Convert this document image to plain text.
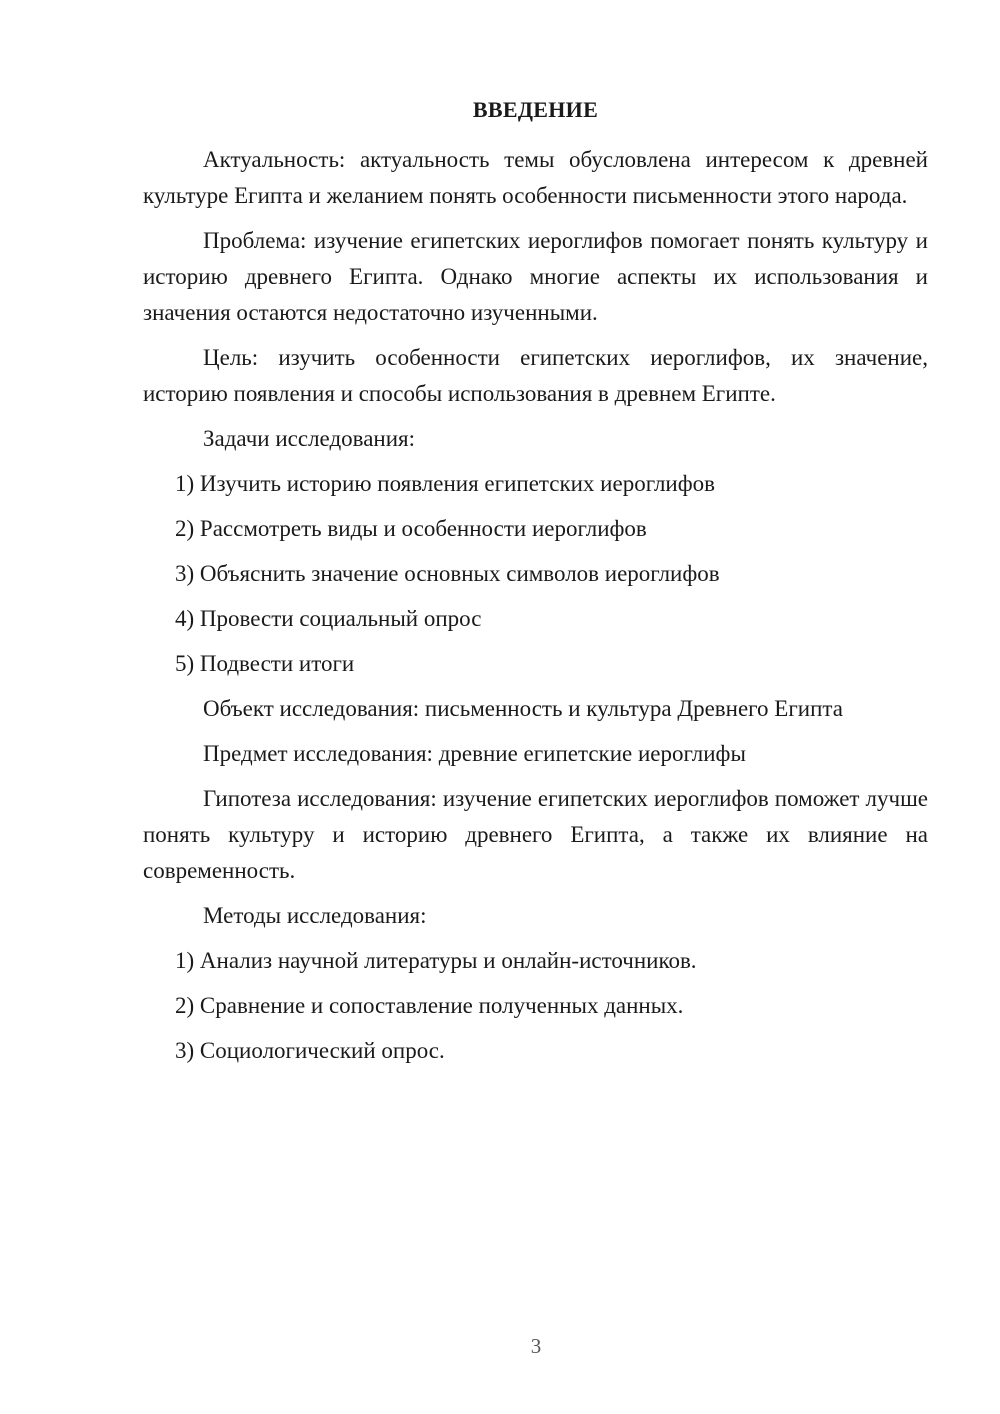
ВВЕДЕНИЕ

Актуальность: актуальность темы обусловлена интересом к древней культуре Египта и желанием понять особенности письменности этого народа.

Проблема: изучение египетских иероглифов помогает понять культуру и историю древнего Египта. Однако многие аспекты их использования и значения остаются недостаточно изученными.

Цель: изучить особенности египетских иероглифов, их значение, историю появления и способы использования в древнем Египте.

Задачи исследования:
1) Изучить историю появления египетских иероглифов
2) Рассмотреть виды и особенности иероглифов
3) Объяснить значение основных символов иероглифов
4) Провести социальный опрос
5) Подвести итоги
Объект исследования: письменность и культура Древнего Египта
Предмет исследования: древние египетские иероглифы

Гипотеза исследования: изучение египетских иероглифов поможет лучше понять культуру и историю древнего Египта, а также их влияние на современность.

Методы исследования:
1) Анализ научной литературы и онлайн-источников.
2) Сравнение и сопоставление полученных данных.
3) Социологический опрос.
3
